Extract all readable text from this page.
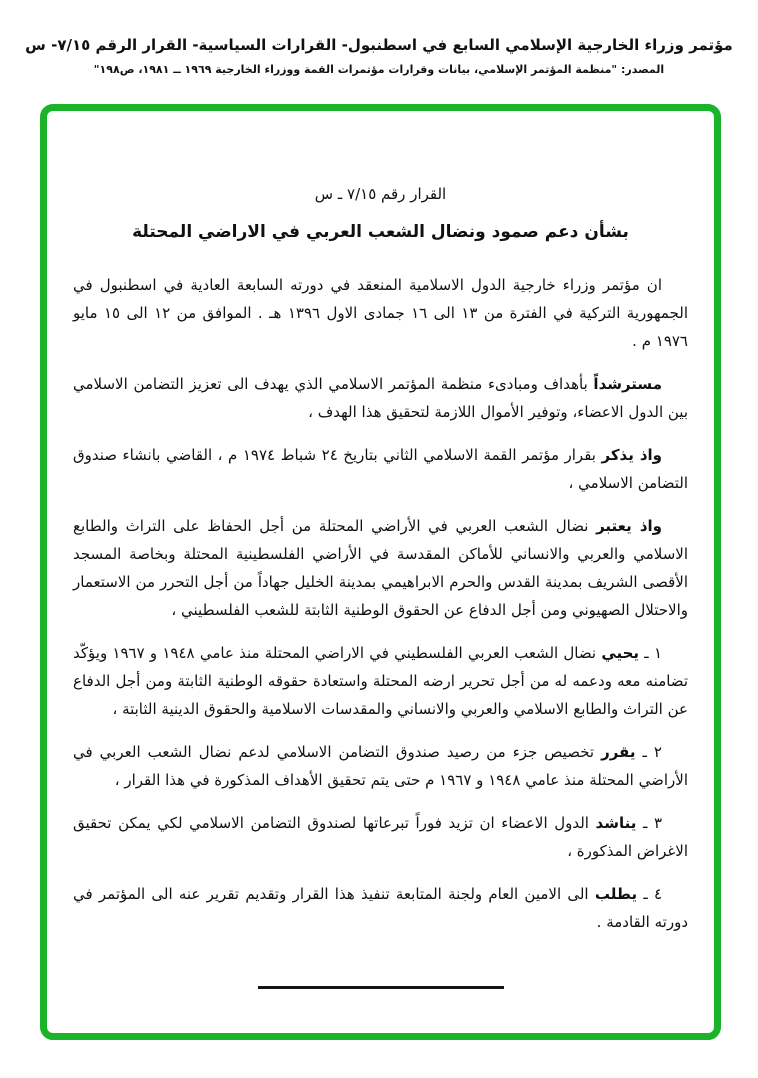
مؤتمر وزراء الخارجية الإسلامي السابع في اسطنبول- القرارات السياسية- القرار الرقم ٧/١٥- س
المصدر: "منظمة المؤتمر الإسلامي، بيانات وقرارات مؤتمرات القمة ووزراء الخارجية ١٩٦٩ ــ ١٩٨١، ص١٩٨"
القرار رقم ٧/١٥ ـ س
بشأن دعم صمود ونضال الشعب العربي في الاراضي المحتلة

ان مؤتمر وزراء خارجية الدول الاسلامية المنعقد في دورته السابعة العادية في اسطنبول في الجمهورية التركية في الفترة من ١٣ الى ١٦ جمادى الاول ١٣٩٦ هـ . الموافق من ١٢ الى ١٥ مايو ١٩٧٦ م .

مسترشداً بأهداف ومبادىء منظمة المؤتمر الاسلامي الذي يهدف الى تعزيز التضامن الاسلامي بين الدول الاعضاء، وتوفير الأموال اللازمة لتحقيق هذا الهدف ،

واذ يذكر بقرار مؤتمر القمة الاسلامي الثاني بتاريخ ٢٤ شباط ١٩٧٤ م ، القاضي بانشاء صندوق التضامن الاسلامي ،

واذ يعتبر نضال الشعب العربي في الأراضي المحتلة من أجل الحفاظ على التراث والطابع الاسلامي والعربي والانساني للأماكن المقدسة في الأراضي الفلسطينية المحتلة وبخاصة المسجد الأقصى الشريف بمدينة القدس والحرم الابراهيمي بمدينة الخليل جهاداً من أجل التحرر من الاستعمار والاحتلال الصهيوني ومن أجل الدفاع عن الحقوق الوطنية الثابتة للشعب الفلسطيني ،

١ ـ يحيي نضال الشعب العربي الفلسطيني في الاراضي المحتلة منذ عامي ١٩٤٨ و ١٩٦٧ ويؤكّد تضامنه معه ودعمه له من أجل تحرير ارضه المحتلة واستعادة حقوقه الوطنية الثابتة ومن أجل الدفاع عن التراث والطابع الاسلامي والعربي والانساني والمقدسات الاسلامية والحقوق الدينية الثابتة ،

٢ ـ يقرر تخصيص جزء من رصيد صندوق التضامن الاسلامي لدعم نضال الشعب العربي في الأراضي المحتلة منذ عامي ١٩٤٨ و ١٩٦٧ م حتى يتم تحقيق الأهداف المذكورة في هذا القرار ،

٣ ـ يناشد الدول الاعضاء ان تزيد فوراً تبرعاتها لصندوق التضامن الاسلامي لكي يمكن تحقيق الاغراض المذكورة ،

٤ ـ يطلب الى الامين العام ولجنة المتابعة تنفيذ هذا القرار وتقديم تقرير عنه الى المؤتمر في دورته القادمة .
